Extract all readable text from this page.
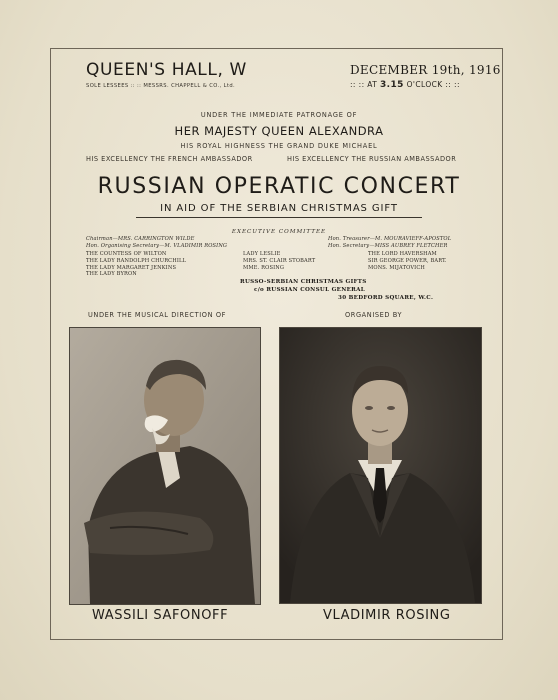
QUEEN'S HALL, W
SOLE LESSEES :: :: MESSRS. CHAPPELL & CO., Ltd.
DECEMBER 19th, 1916
:: :: AT 3.15 O'CLOCK :: ::
UNDER THE IMMEDIATE PATRONAGE OF
HER MAJESTY QUEEN ALEXANDRA
HIS ROYAL HIGHNESS THE GRAND DUKE MICHAEL
HIS EXCELLENCY THE FRENCH AMBASSADOR	HIS EXCELLENCY THE RUSSIAN AMBASSADOR
RUSSIAN OPERATIC CONCERT
IN AID OF THE SERBIAN CHRISTMAS GIFT
EXECUTIVE COMMITTEE
Chairman—MRS. CARRINGTON WILDE
Hon. Organising Secretary—M. VLADIMIR ROSING
Hon. Treasurer—M. MOURAVIEFF-APOSTOL
Hon. Secretary—MISS AUBREY FLETCHER
THE COUNTESS OF WILTON
THE LADY RANDOLPH CHURCHILL
THE LADY MARGARET JENKINS
THE LADY BYRON
LADY LESLIE
MRS. ST. CLAIR STOBART
MME. ROSING
THE LORD HAVERSHAM
SIR GEORGE POWER, BART.
MONS. MIJATOVICH
RUSSO-SERBIAN CHRISTMAS GIFTS
c/o RUSSIAN CONSUL GENERAL
30 BEDFORD SQUARE, W.C.
UNDER THE MUSICAL DIRECTION OF	ORGANISED BY
WASSILI SAFONOFF	VLADIMIR ROSING
